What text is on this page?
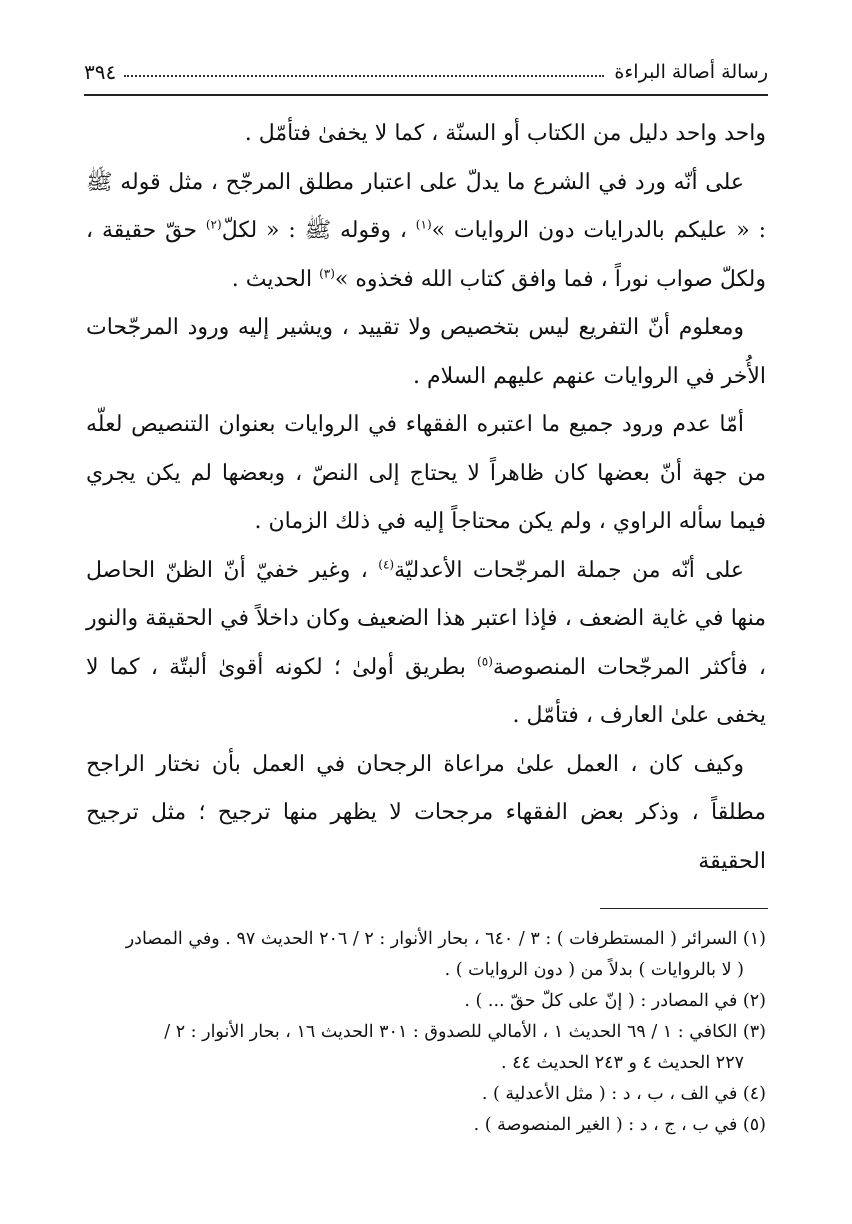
رسالة أصالة البراءة
٣٩٤

واحد واحد دليل من الكتاب أو السنّة ، كما لا يخفىٰ فتأمّل .

على أنّه ورد في الشرع ما يدلّ على اعتبار مطلق المرجّح ، مثل قوله ﷺ : « عليكم بالدرايات دون الروايات »$^{(١)}$ ، وقوله ﷺ : « لكلّ$^{(٢)}$ حقّ حقيقة ، ولكلّ صواب نوراً ، فما وافق كتاب الله فخذوه »$^{(٣)}$ الحديث .

ومعلوم أنّ التفريع ليس بتخصيص ولا تقييد ، ويشير إليه ورود المرجّحات الأُخر في الروايات عنهم عليهم السلام .

أمّا عدم ورود جميع ما اعتبره الفقهاء في الروايات بعنوان التنصيص لعلّه من جهة أنّ بعضها كان ظاهراً لا يحتاج إلى النصّ ، وبعضها لم يكن يجري فيما سأله الراوي ، ولم يكن محتاجاً إليه في ذلك الزمان .

على أنّه من جملة المرجّحات الأعدليّة$^{(٤)}$ ، وغير خفيّ أنّ الظنّ الحاصل منها في غاية الضعف ، فإذا اعتبر هذا الضعيف وكان داخلاً في الحقيقة والنور ، فأكثر المرجّحات المنصوصة$^{(٥)}$ بطريق أولىٰ ؛ لكونه أقوىٰ ألبتّة ، كما لا يخفى علىٰ العارف ، فتأمّل .

وكيف كان ، العمل علىٰ مراعاة الرجحان في العمل بأن نختار الراجح مطلقاً ، وذكر بعض الفقهاء مرجحات لا يظهر منها ترجيح ؛ مثل ترجيح الحقيقة

(١) السرائر ( المستطرفات ) : ٣ / ٦٤٠ ، بحار الأنوار : ٢ / ٢٠٦ الحديث ٩٧ . وفي المصادر

( لا بالروايات ) بدلاً من ( دون الروايات ) .

(٢) في المصادر : ( إنّ على كلّ حقّ ... ) .

(٣) الكافي : ١ / ٦٩ الحديث ١ ، الأمالي للصدوق : ٣٠١ الحديث ١٦ ، بحار الأنوار : ٢ /

٢٢٧ الحديث ٤ و ٢٤٣ الحديث ٤٤ .

(٤) في الف ، ب ، د : ( مثل الأعدلية ) .

(٥) في ب ، ج ، د : ( الغير المنصوصة ) .
